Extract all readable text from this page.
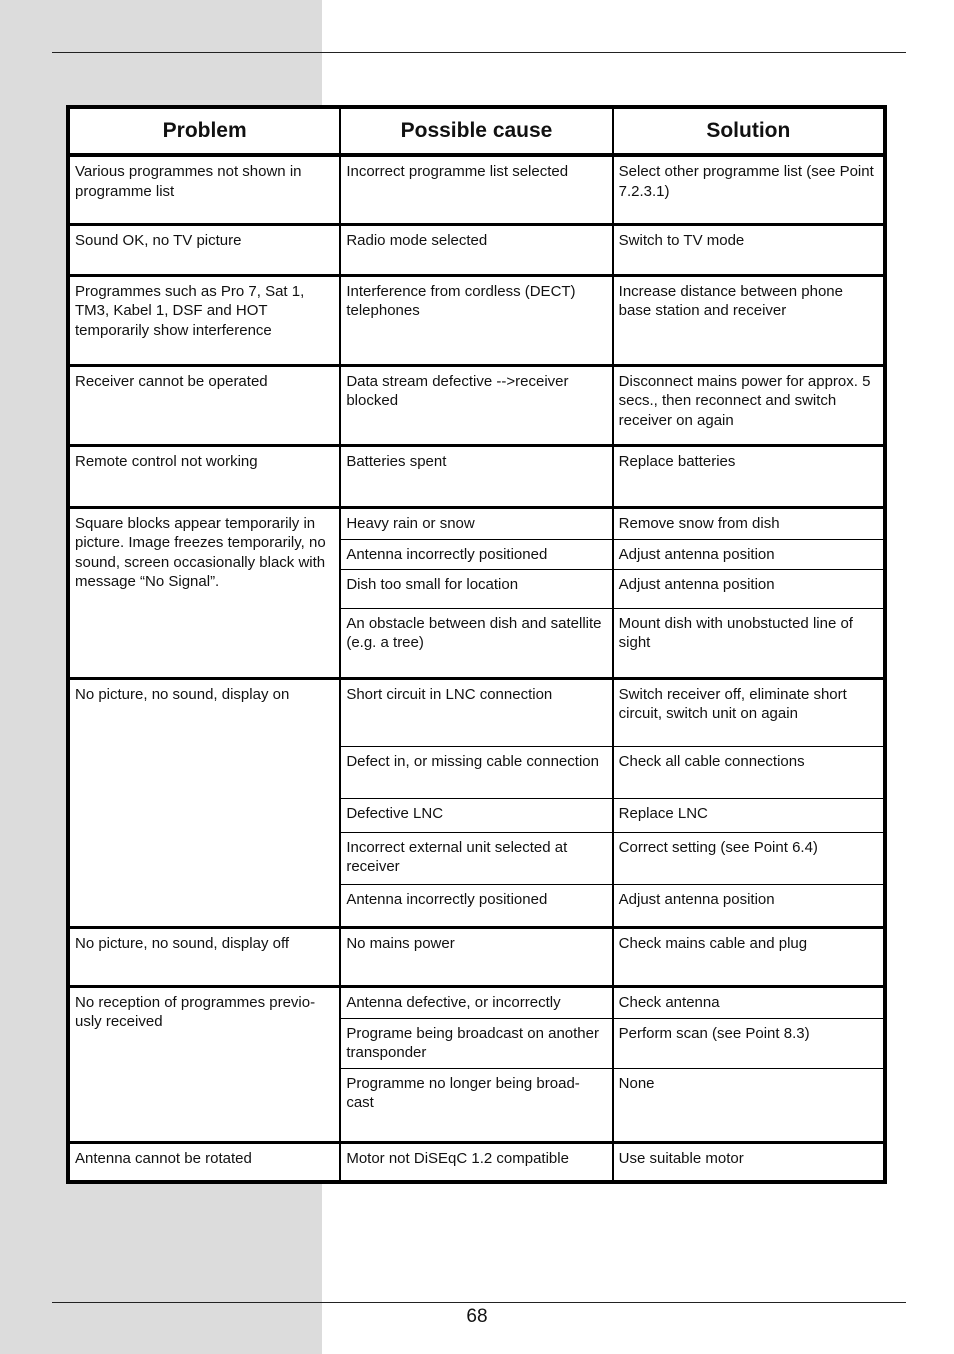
Problem	Possible cause	Solution
Various programmes not shown in programme list	Incorrect programme list selected	Select other programme list (see Point 7.2.3.1)
Sound OK, no TV picture	Radio mode selected	Switch to TV mode
Programmes such as Pro 7, Sat 1, TM3, Kabel 1, DSF and HOT temporarily show interference	Interference from cordless (DECT) telephones	Increase distance between phone base station and receiver
Receiver cannot be operated	Data stream defective -->receiver blocked	Disconnect mains power for approx. 5 secs., then reconnect and switch receiver on again
Remote control not working	Batteries spent	Replace batteries
Square blocks appear temporarily in picture. Image freezes temporarily, no sound, screen occasionally black with message “No Signal”.	Heavy rain or snow	Remove snow from dish
	Antenna incorrectly positioned	Adjust antenna position
	Dish too small for location	Adjust antenna position
	An obstacle between dish and satellite (e.g. a tree)	Mount dish with unobstucted line of sight
No picture, no sound, display on	Short circuit in LNC connection	Switch receiver off, eliminate short circuit, switch unit on again
	Defect in, or missing cable connection	Check all cable connections
	Defective LNC	Replace LNC
	Incorrect external unit selected at receiver	Correct setting (see Point 6.4)
	Antenna incorrectly positioned	Adjust antenna position
No picture, no sound, display off	No mains power	Check mains cable and plug
No reception of programmes previo-usly received	Antenna defective, or incorrectly	Check antenna
	Programe being broadcast on another transponder	Perform scan (see Point 8.3)
	Programme no longer being broad-cast	None
Antenna cannot be rotated	Motor not DiSEqC 1.2 compatible	Use suitable motor
68
